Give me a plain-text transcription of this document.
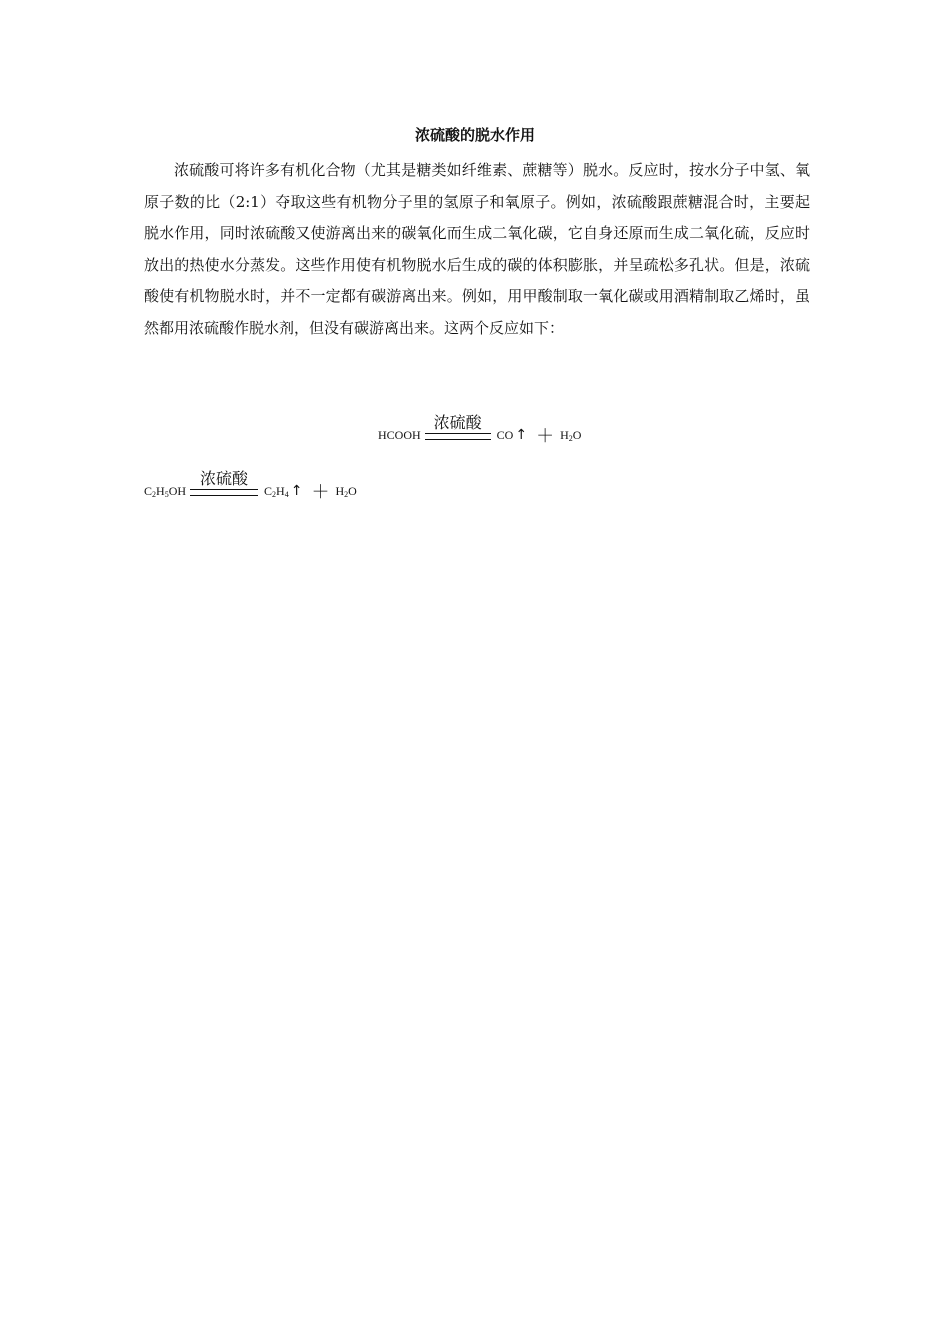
浓硫酸的脱水作用

浓硫酸可将许多有机化合物（尤其是糖类如纤维素、蔗糖等）脱水。反应时，按水分子中氢、氧原子数的比（2:1）夺取这些有机物分子里的氢原子和氧原子。例如，浓硫酸跟蔗糖混合时，主要起脱水作用，同时浓硫酸又使游离出来的碳氧化而生成二氧化碳，它自身还原而生成二氧化硫，反应时放出的热使水分蒸发。这些作用使有机物脱水后生成的碳的体积膨胀，并呈疏松多孔状。但是，浓硫酸使有机物脱水时，并不一定都有碳游离出来。例如，用甲酸制取一氧化碳或用酒精制取乙烯时，虽然都用浓硫酸作脱水剂，但没有碳游离出来。这两个反应如下：

HCOOH
浓硫酸
CO ↑ ＋ $H_2O$
$C_2H_5OH$
浓硫酸
$C_2H_4$ ↑ ＋ $H_2O$
